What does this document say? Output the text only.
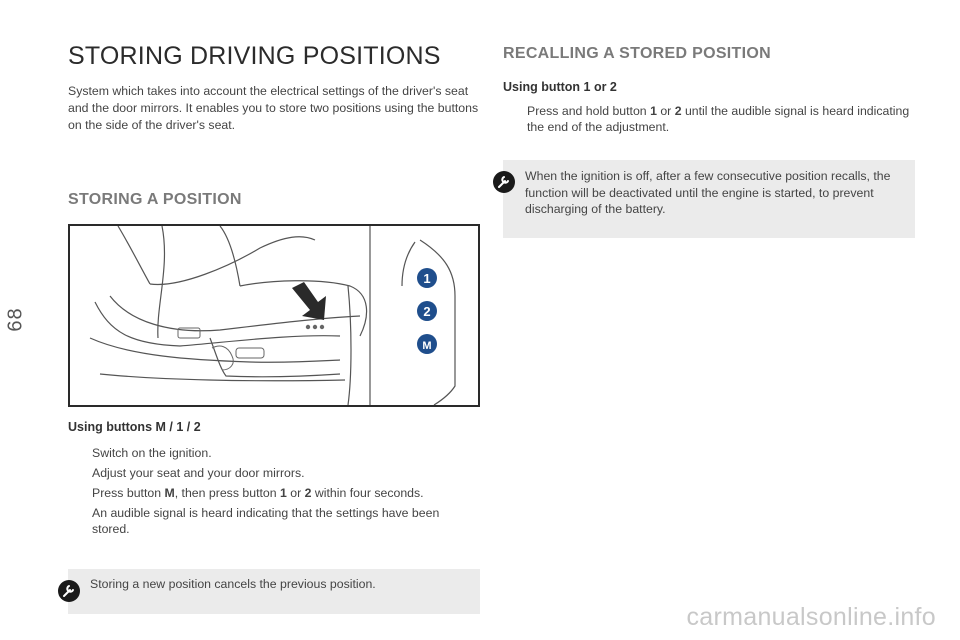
68
STORING DRIVING POSITIONS

System which takes into account the electrical settings of the driver's seat and the door mirrors. It enables you to store two positions using the buttons on the side of the driver's seat.

STORING A POSITION
1
2
M
Using buttons M / 1 / 2
Switch on the ignition.
Adjust your seat and your door mirrors.
Press button M, then press button 1 or 2 within four seconds.

An audible signal is heard indicating that the settings have been stored.

Storing a new position cancels the previous position.

RECALLING A STORED POSITION
Using button 1 or 2
Press and hold button 1 or 2 until the audible signal is heard indicating the end of the adjustment.

When the ignition is off, after a few consecutive position recalls, the function will be deactivated until the engine is started, to prevent discharging of the battery.

carmanualsonline.info
